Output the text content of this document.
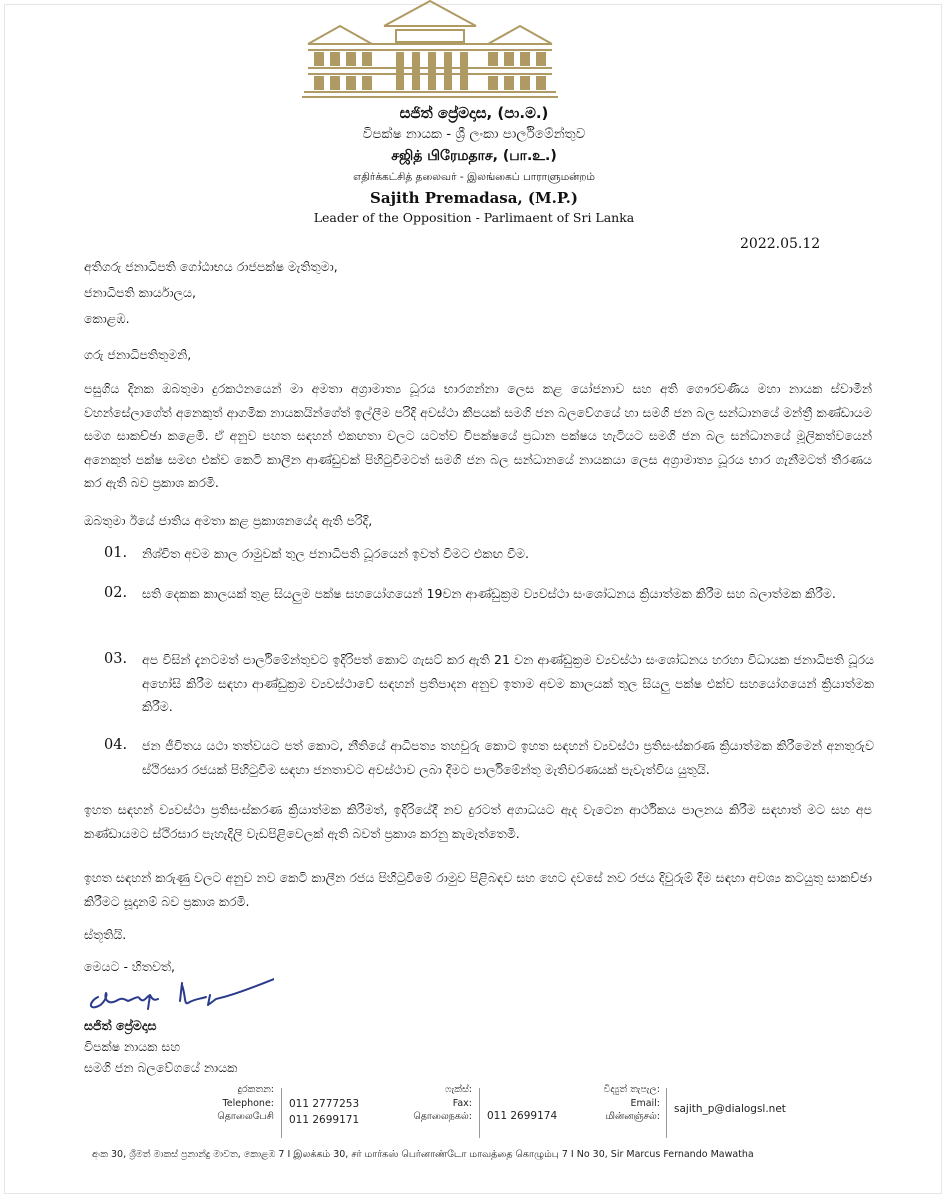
සජිත් ප්‍රේමදාස, (පා.ම.)
විපක්ෂ නායක - ශ්‍රී ලංකා පාර්ලිමේන්තුව
சஜித் பிரேமதாச, (பா.உ.)
எதிர்க்கட்சித் தலைவர் - இலங்கைப் பாராளுமன்றம்
Sajith Premadasa, (M.P.)
Leader of the Opposition - Parlimaent of Sri Lanka
2022.05.12
අතිගරු ජනාධිපති ගෝඨාභය රාජපක්ෂ මැතිතුමා,
ජනාධිපති කාර්යාලය,
කොළඹ.
ගරු ජනාධිපතිතුමනි,
පසුගිය දිනක ඔබතුමා දුරකථනයෙන් මා අමතා අග්‍රාමාත්‍ය ධූරය භාරගන්නා ලෙස කළ යෝජනාව සහ අති ගෞරවණීය මහා නායක ස්වාමීන් වහන්සේලාගේත් අනෙකුත් ආගමික නායකයින්ගේත් ඉල්ලීම පරිදි අවස්ථා කීපයක් සමගි ජන බලවේගයේ හා සමගි ජන බල සන්ධානයේ මන්ත්‍රී කණ්ඩායම සමග සාකච්ඡා කළෙමි. ඒ අනුව පහත සඳහන් එකඟතා වලට යටත්ව විපක්ෂයේ ප්‍රධාන පක්ෂය හැටියට සමගි ජන බල සන්ධානයේ මූලිකත්වයෙන් අනෙකුත් පක්ෂ සමඟ එක්ව කෙටි කාලීන ආණ්ඩුවක් පිහිටුවීමටත් සමගි ජන බල සන්ධානයේ නායකයා ලෙස අග්‍රාමාත්‍ය ධූරය භාර ගැනීමටත් තීරණය කර ඇති බව ප්‍රකාශ කරමි.
ඔබතුමා ඊයේ ජාතිය අමතා කළ ප්‍රකාශනයේද ඇති පරිදි,
01. නිශ්චිත අවම කාල රාමුවක් තුල ජනාධිපති ධූරයෙන් ඉවත් වීමට එකඟ වීම.
02. සති දෙකක කාලයක් තුළ සියලුම පක්ෂ සහයෝගයෙන් 19වන ආණ්ඩුක්‍රම ව්‍යවස්ථා සංශෝධනය ක්‍රියාත්මක කිරීම සහ බලාත්මක කිරීම.
03. අප විසින් දැනටමත් පාර්ලිමේන්තුවට ඉදිරිපත් කොට ගැසට් කර ඇති 21 වන ආණ්ඩුක්‍රම ව්‍යවස්ථා සංශෝධනය හරහා විධායක ජනාධිපති ධූරය අහෝසි කිරීම සඳහා ආණ්ඩුක්‍රම ව්‍යවස්ථාවේ සඳහන් ප්‍රතිපාදන අනුව ඉතාම අවම කාලයක් තුල සියලු පක්ෂ එක්ව සහයෝගයෙන් ක්‍රියාත්මක කිරීම.
04. ජන ජීවිතය යථා තත්වයට පත් කොට, නීතියේ ආධිපත්‍ය තහවුරු කොට ඉහත සඳහන් ව්‍යවස්ථා ප්‍රතිසංස්කරණ ක්‍රියාත්මක කිරීමෙන් අනතුරුව ස්ථිරසාර රජයක් පිහිටුවීම සඳහා ජනතාවට අවස්ථාව ලබා දීමට පාර්ලිමේන්තු මැතිවරණයක් පැවැත්විය යුතුයි.
ඉහත සඳහන් ව්‍යවස්ථා ප්‍රතිසංස්කරණ ක්‍රියාත්මක කිරීමත්, ඉදිරියේදී නව දුරටත් අගාධයට ඇද වැටෙන ආර්ථිකය පාලනය කිරීම සඳහාත් මට සහ අප කණ්ඩායමට ස්ථිරසාර පැහැදිලි වැඩපිළිවෙලක් ඇති බවත් ප්‍රකාශ කරනු කැමැත්තෙමි.
ඉහත සඳහන් කරුණු වලට අනුව නව කෙටි කාලීන රජය පිහිටුවීමේ රාමුව පිළිබඳව සහ හෙට දවසේ නව රජය දිවුරුම් දීම සඳහා අවශ්‍ය කටයුතු සාකච්ඡා කිරීමට සූදානම් බව ප්‍රකාශ කරමි.
ස්තූතියි.
මෙයට - හිතවත්,
සජිත් ප්‍රේමදාස
විපක්ෂ නායක සහ
සමගි ජන බලවේගයේ නායක
දුරකතන:
Telephone:
தொலைபேசி
011 2777253
011 2699171
ෆැක්ස්:
Fax:
தொலைநகல்: 011 2699174
විද්‍යුත් තැපැල:
Email:
மின்னஞ்சல்:
sajith_p@dialogsl.net
අංක 30, ශ්‍රීමත් මාකස් ප්‍රනාන්දු මාවත, කොළඹ 7 I இலக்கம் 30, சர் மார்கஸ் பெர்னாண்டோ மாவத்தை கொழும்பு 7 I No 30, Sir Marcus Fernando Mawatha
